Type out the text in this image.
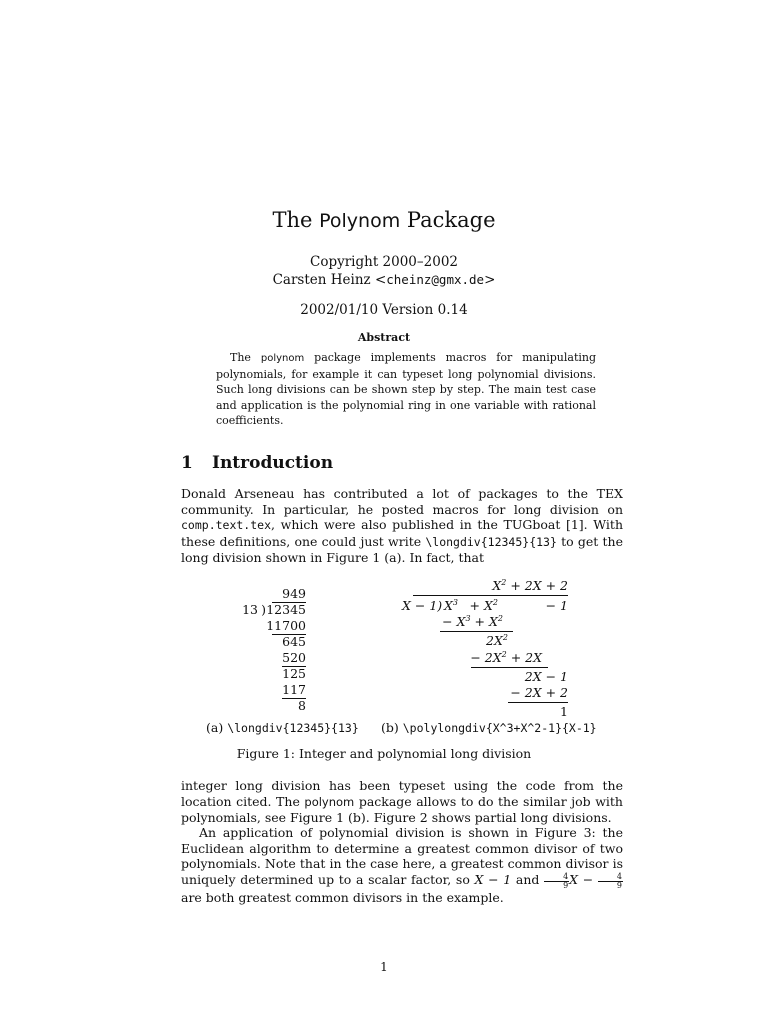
The Polynom Package
Copyright 2000–2002
Carsten Heinz <cheinz@gmx.de>
2002/01/10 Version 0.14
Abstract
The polynom package implements macros for manipulating polynomials, for example it can typeset long polynomial divisions. Such long divisions can be shown step by step. The main test case and application is the polynomial ring in one variable with rational coefficients.
1 Introduction
Donald Arseneau has contributed a lot of packages to the TEX community. In particular, he posted macros for long division on comp.text.tex, which were also published in the TUGboat [1]. With these definitions, one could just write \longdiv{12345}{13} to get the long division shown in Figure 1 (a). In fact, that
949
13 ) 12345
11700
645
520
125
117
8
$X^2 + 2X + 2$
X − 1) $X^3 + X^2$	− 1
− $X^3 + X^2$
$2X^2$
− $2X^2 + 2X$
2X − 1
− 2X + 2
1
(a) \longdiv{12345}{13} (b) \polylongdiv{X^3+X^2-1}{X-1}
Figure 1: Integer and polynomial long division
integer long division has been typeset using the code from the location cited. The polynom package allows to do the similar job with polynomials, see Figure 1 (b). Figure 2 shows partial long divisions.
An application of polynomial division is shown in Figure 3: the Euclidean algorithm to determine a greatest common divisor of two polynomials. Note that in the case here, a greatest common divisor is uniquely determined up to a scalar factor, so X − 1 and $\frac{4}{9}$ $X - \frac{4}{9}$
are both greatest common divisors in the example.
1
